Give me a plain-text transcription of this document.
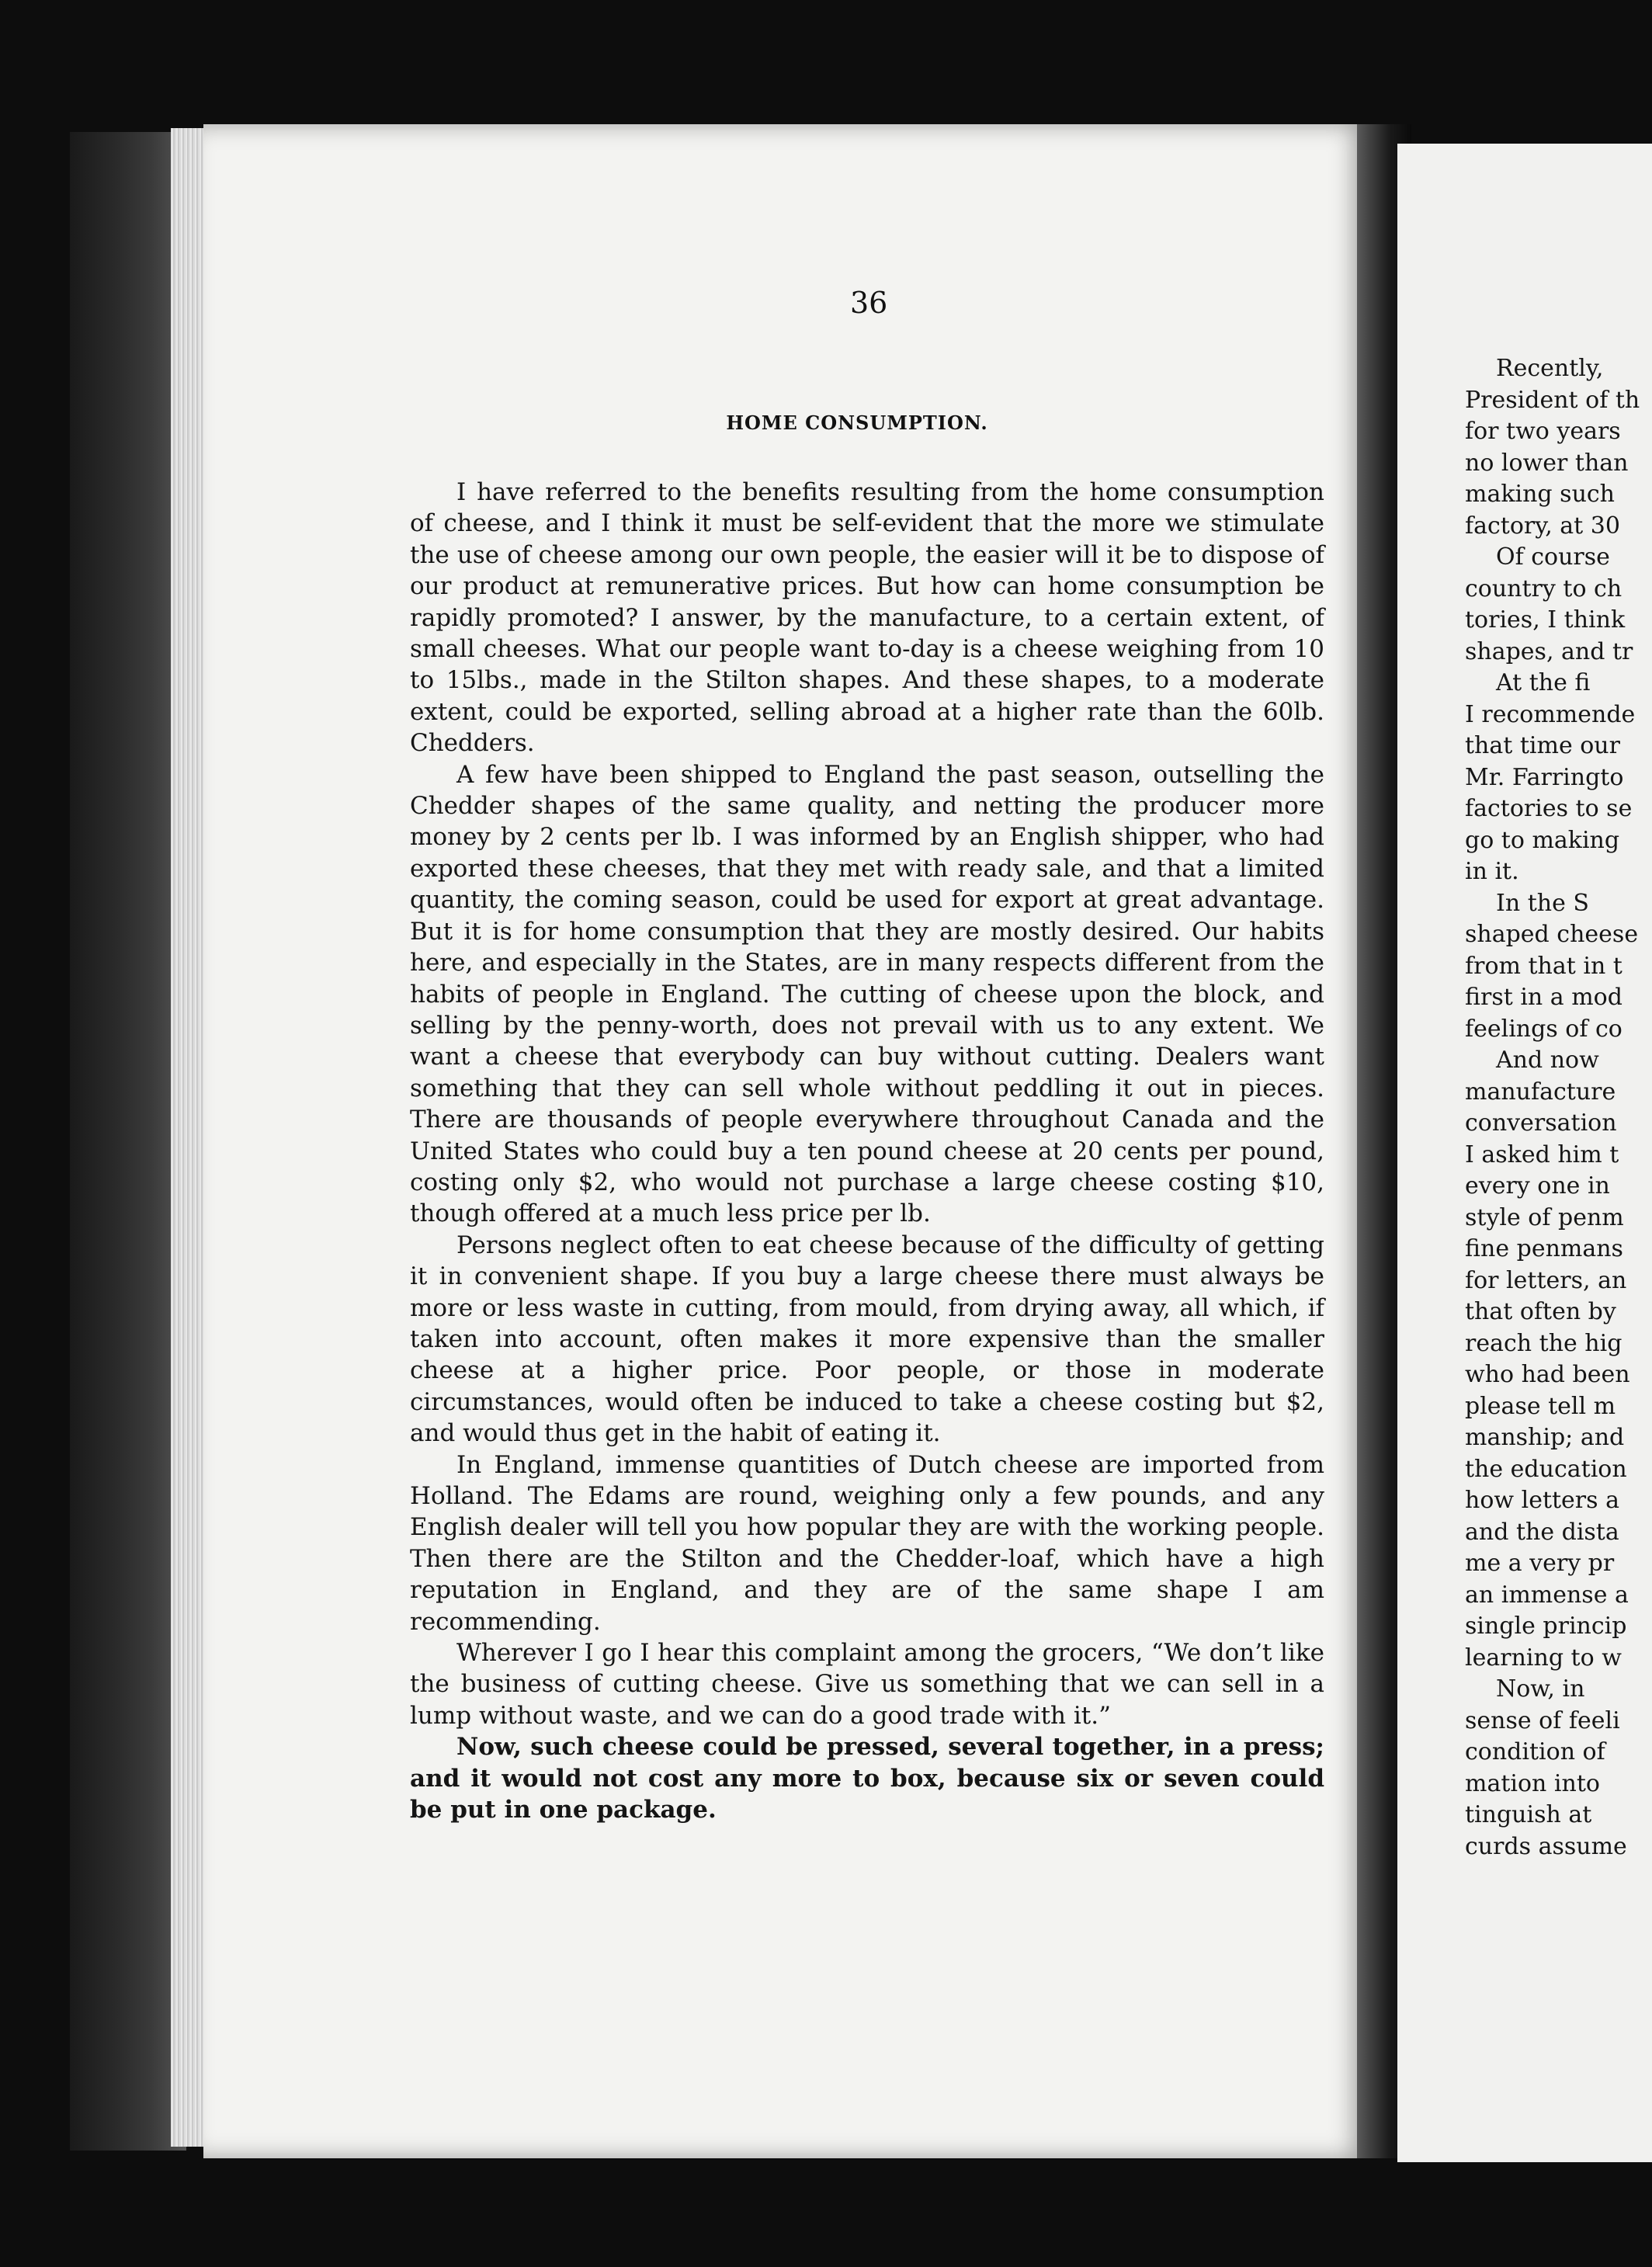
36
HOME CONSUMPTION.

I have referred to the benefits resulting from the home consumption of cheese, and I think it must be self-evident that the more we stimulate the use of cheese among our own people, the easier will it be to dispose of our product at remunerative prices. But how can home consumption be rapidly promoted? I answer, by the manufacture, to a certain extent, of small cheeses. What our people want to-day is a cheese weighing from 10 to 15lbs., made in the Stilton shapes. And these shapes, to a moderate extent, could be exported, selling abroad at a higher rate than the 60lb. Chedders.

A few have been shipped to England the past season, outselling the Chedder shapes of the same quality, and netting the producer more money by 2 cents per lb. I was informed by an English shipper, who had exported these cheeses, that they met with ready sale, and that a limited quantity, the coming season, could be used for export at great advantage. But it is for home consumption that they are mostly desired. Our habits here, and especially in the States, are in many respects different from the habits of people in England. The cutting of cheese upon the block, and selling by the penny-worth, does not prevail with us to any extent. We want a cheese that everybody can buy without cutting. Dealers want something that they can sell whole without peddling it out in pieces. There are thousands of people everywhere throughout Canada and the United States who could buy a ten pound cheese at 20 cents per pound, costing only $2, who would not purchase a large cheese costing $10, though offered at a much less price per lb.

Persons neglect often to eat cheese because of the difficulty of getting it in convenient shape. If you buy a large cheese there must always be more or less waste in cutting, from mould, from drying away, all which, if taken into account, often makes it more expensive than the smaller cheese at a higher price. Poor people, or those in moderate circumstances, would often be induced to take a cheese costing but $2, and would thus get in the habit of eating it.

In England, immense quantities of Dutch cheese are imported from Holland. The Edams are round, weighing only a few pounds, and any English dealer will tell you how popular they are with the working people. Then there are the Stilton and the Chedder-loaf, which have a high reputation in England, and they are of the same shape I am recommending.

Wherever I go I hear this complaint among the grocers, “We don’t like the business of cutting cheese. Give us something that we can sell in a lump without waste, and we can do a good trade with it.”

Now, such cheese could be pressed, several together, in a press; and it would not cost any more to box, because six or seven could be put in one package.

Recently,
President of th
for two years
no lower than
making such
factory, at 30
Of course
country to ch
tories, I think
shapes, and tr
At the fi
I recommende
that time our
Mr. Farringto
factories to se
go to making
in it.
In the S
shaped cheese
from that in t
first in a mod
feelings of co
And now
manufacture
conversation
I asked him t
every one in
style of penm
fine penmans
for letters, an
that often by
reach the hig
who had been
please tell m
manship; and
the education
how letters a
and the dista
me a very pr
an immense a
single princip
learning to w
Now, in
sense of feeli
condition of
mation into
tinguish at
curds assume
